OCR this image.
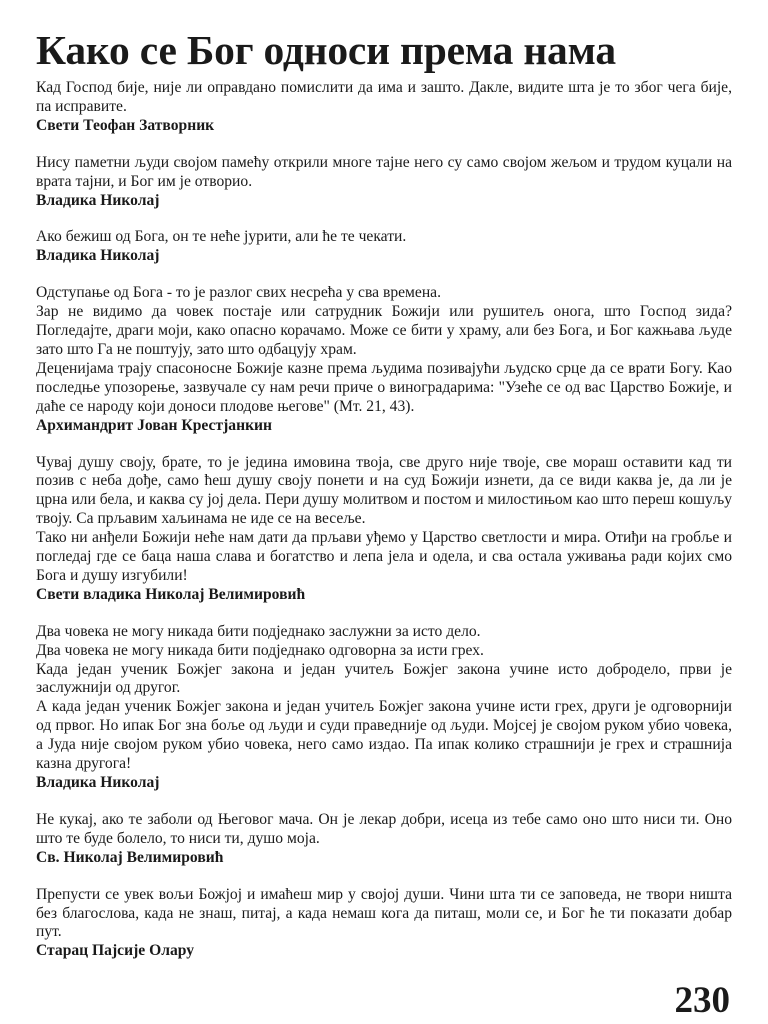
Како се Бог односи према нама

Кад Господ бије, није ли оправдано помислити да има и зашто. Дакле, видите шта је то због чега бије, па исправите.

Свети Теофан Затворник

Нису паметни људи својом памећу открили многе тајне него су само својом жељом и трудом куцали на врата тајни, и Бог им је отворио.

Владика Николај

Ако бежиш од Бога, он те неће јурити, али ће те чекати.

Владика Николај

Одступање од Бога - то је разлог свих несрећа у сва времена.

Зар не видимо да човек постаје или сатрудник Божији или рушитељ онога, што Господ зида? Погледајте, драги моји, како опасно корачамо. Може се бити у храму, али без Бога, и Бог кажњава људе зато што Га не поштују, зато што одбацују храм.

Деценијама трају спасоносне Божије казне према људима позивајући људско срце да се врати Богу. Као последње упозорење, зазвучале су нам речи приче о виноградарима: "Узеће се од вас Царство Божије, и даће се народу који доноси плодове његове" (Мт. 21, 43).

Архимандрит Јован Крестјанкин

Чувај душу своју, брате, то је једина имовина твоја, све друго није твоје, све мораш оставити кад ти позив с неба дође, само ћеш душу своју понети и на суд Божији изнети, да се види каква је, да ли је црна или бела, и каква су јој дела. Пери душу молитвом и постом и милостињом као што переш кошуљу твоју. Са прљавим хаљинама не иде се на весеље.

Тако ни анђели Божији неће нам дати да прљави уђемо у Царство светлости и мира. Отиђи на гробље и погледај где се баца наша слава и богатство и лепа јела и одела, и сва остала уживања ради којих смо Бога и душу изгубили!

Свети владика Николај Велимировић

Два човека не могу никада бити подједнако заслужни за исто дело.

Два човека не могу никада бити подједнако одговорна за исти грех.

Када један ученик Божјег закона и један учитељ Божјег закона учине исто добродело, први је заслужнији од другог.

А када један ученик Божјег закона и један учитељ Божјег закона учине исти грех, други је одговорнији од првог. Но ипак Бог зна боље од људи и суди праведније од људи. Мојсеј је својом руком убио човека, а Јуда није својом руком убио човека, него само издао. Па ипак колико страшнији је грех и страшнија казна другога!

Владика Николај

Не кукај, ако те заболи од Његовог мача. Он је лекар добри, исеца из тебе само оно што ниси ти. Оно што те буде болело, то ниси ти, душо моја.

Св. Николај Велимировић

Препусти се увек вољи Божјој и имаћеш мир у својој души. Чини шта ти се заповеда, не твори ништа без благослова, када не знаш, питај, а када немаш кога да питаш, моли се, и Бог ће ти показати добар пут.

Старац Пајсије Олару
230
